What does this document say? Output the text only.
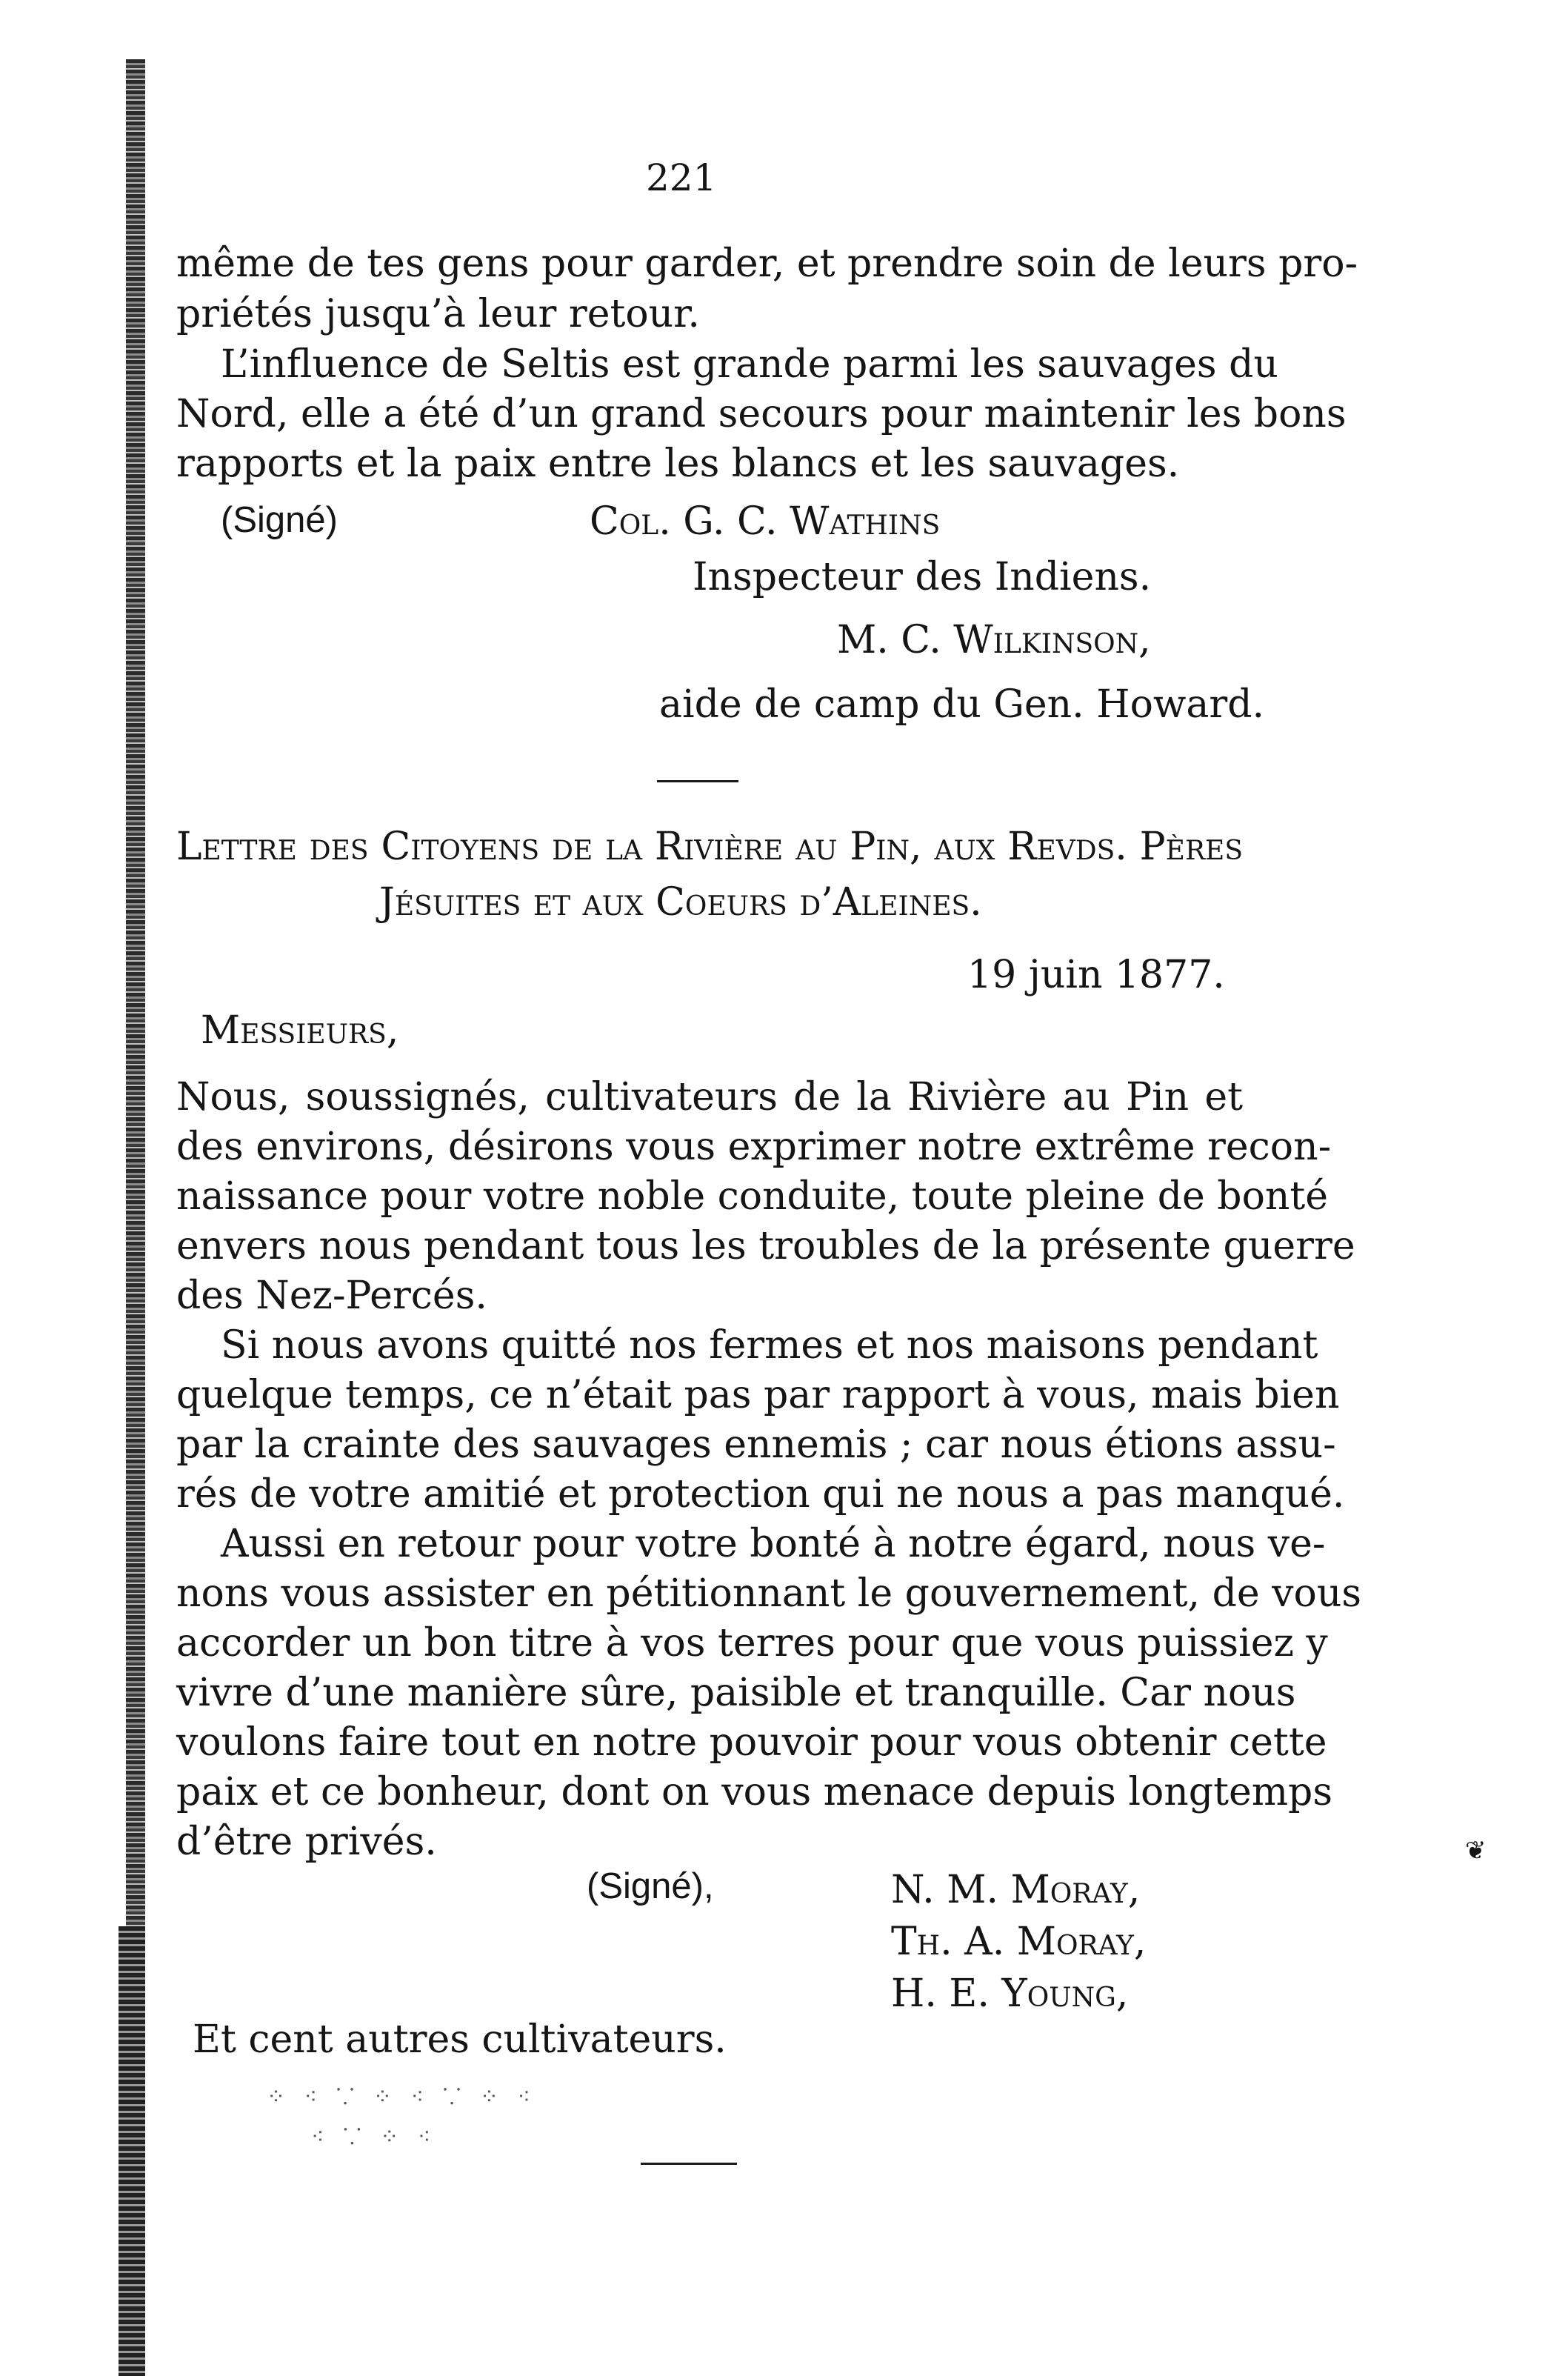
221
même de tes gens pour garder, et prendre soin de leurs pro-
priétés jusqu’à leur retour.
L’influence de Seltis est grande parmi les sauvages du
Nord, elle a été d’un grand secours pour maintenir les bons
rapports et la paix entre les blancs et les sauvages.
(Signé)	Col. G. C. Wathins
Inspecteur des Indiens.
M. C. Wilkinson,
aide de camp du Gen. Howard.
Lettre des Citoyens de la Rivière au Pin, aux Revds. Pères
Jésuites et aux Coeurs d’Aleines.
19 juin 1877.
Messieurs,
Nous, soussignés, cultivateurs de la Rivière au Pin et
des environs, désirons vous exprimer notre extrême recon-
naissance pour votre noble conduite, toute pleine de bonté
envers nous pendant tous les troubles de la présente guerre
des Nez-Percés.
Si nous avons quitté nos fermes et nos maisons pendant
quelque temps, ce n’était pas par rapport à vous, mais bien
par la crainte des sauvages ennemis ; car nous étions assu-
rés de votre amitié et protection qui ne nous a pas manqué.
Aussi en retour pour votre bonté à notre égard, nous ve-
nons vous assister en pétitionnant le gouvernement, de vous
accorder un bon titre à vos terres pour que vous puissiez y
vivre d’une manière sûre, paisible et tranquille. Car nous
voulons faire tout en notre pouvoir pour vous obtenir cette
paix et ce bonheur, dont on vous menace depuis longtemps
d’être privés.
(Signé),	N. M. Moray,
Th. A. Moray,
H. E. Young,
Et cent autres cultivateurs.
❦
⁘ ⁖ ⸪ ⁘ ⁖ ⸪ ⁘ ⁖
⁖ ⸪ ⁘ ⁖
